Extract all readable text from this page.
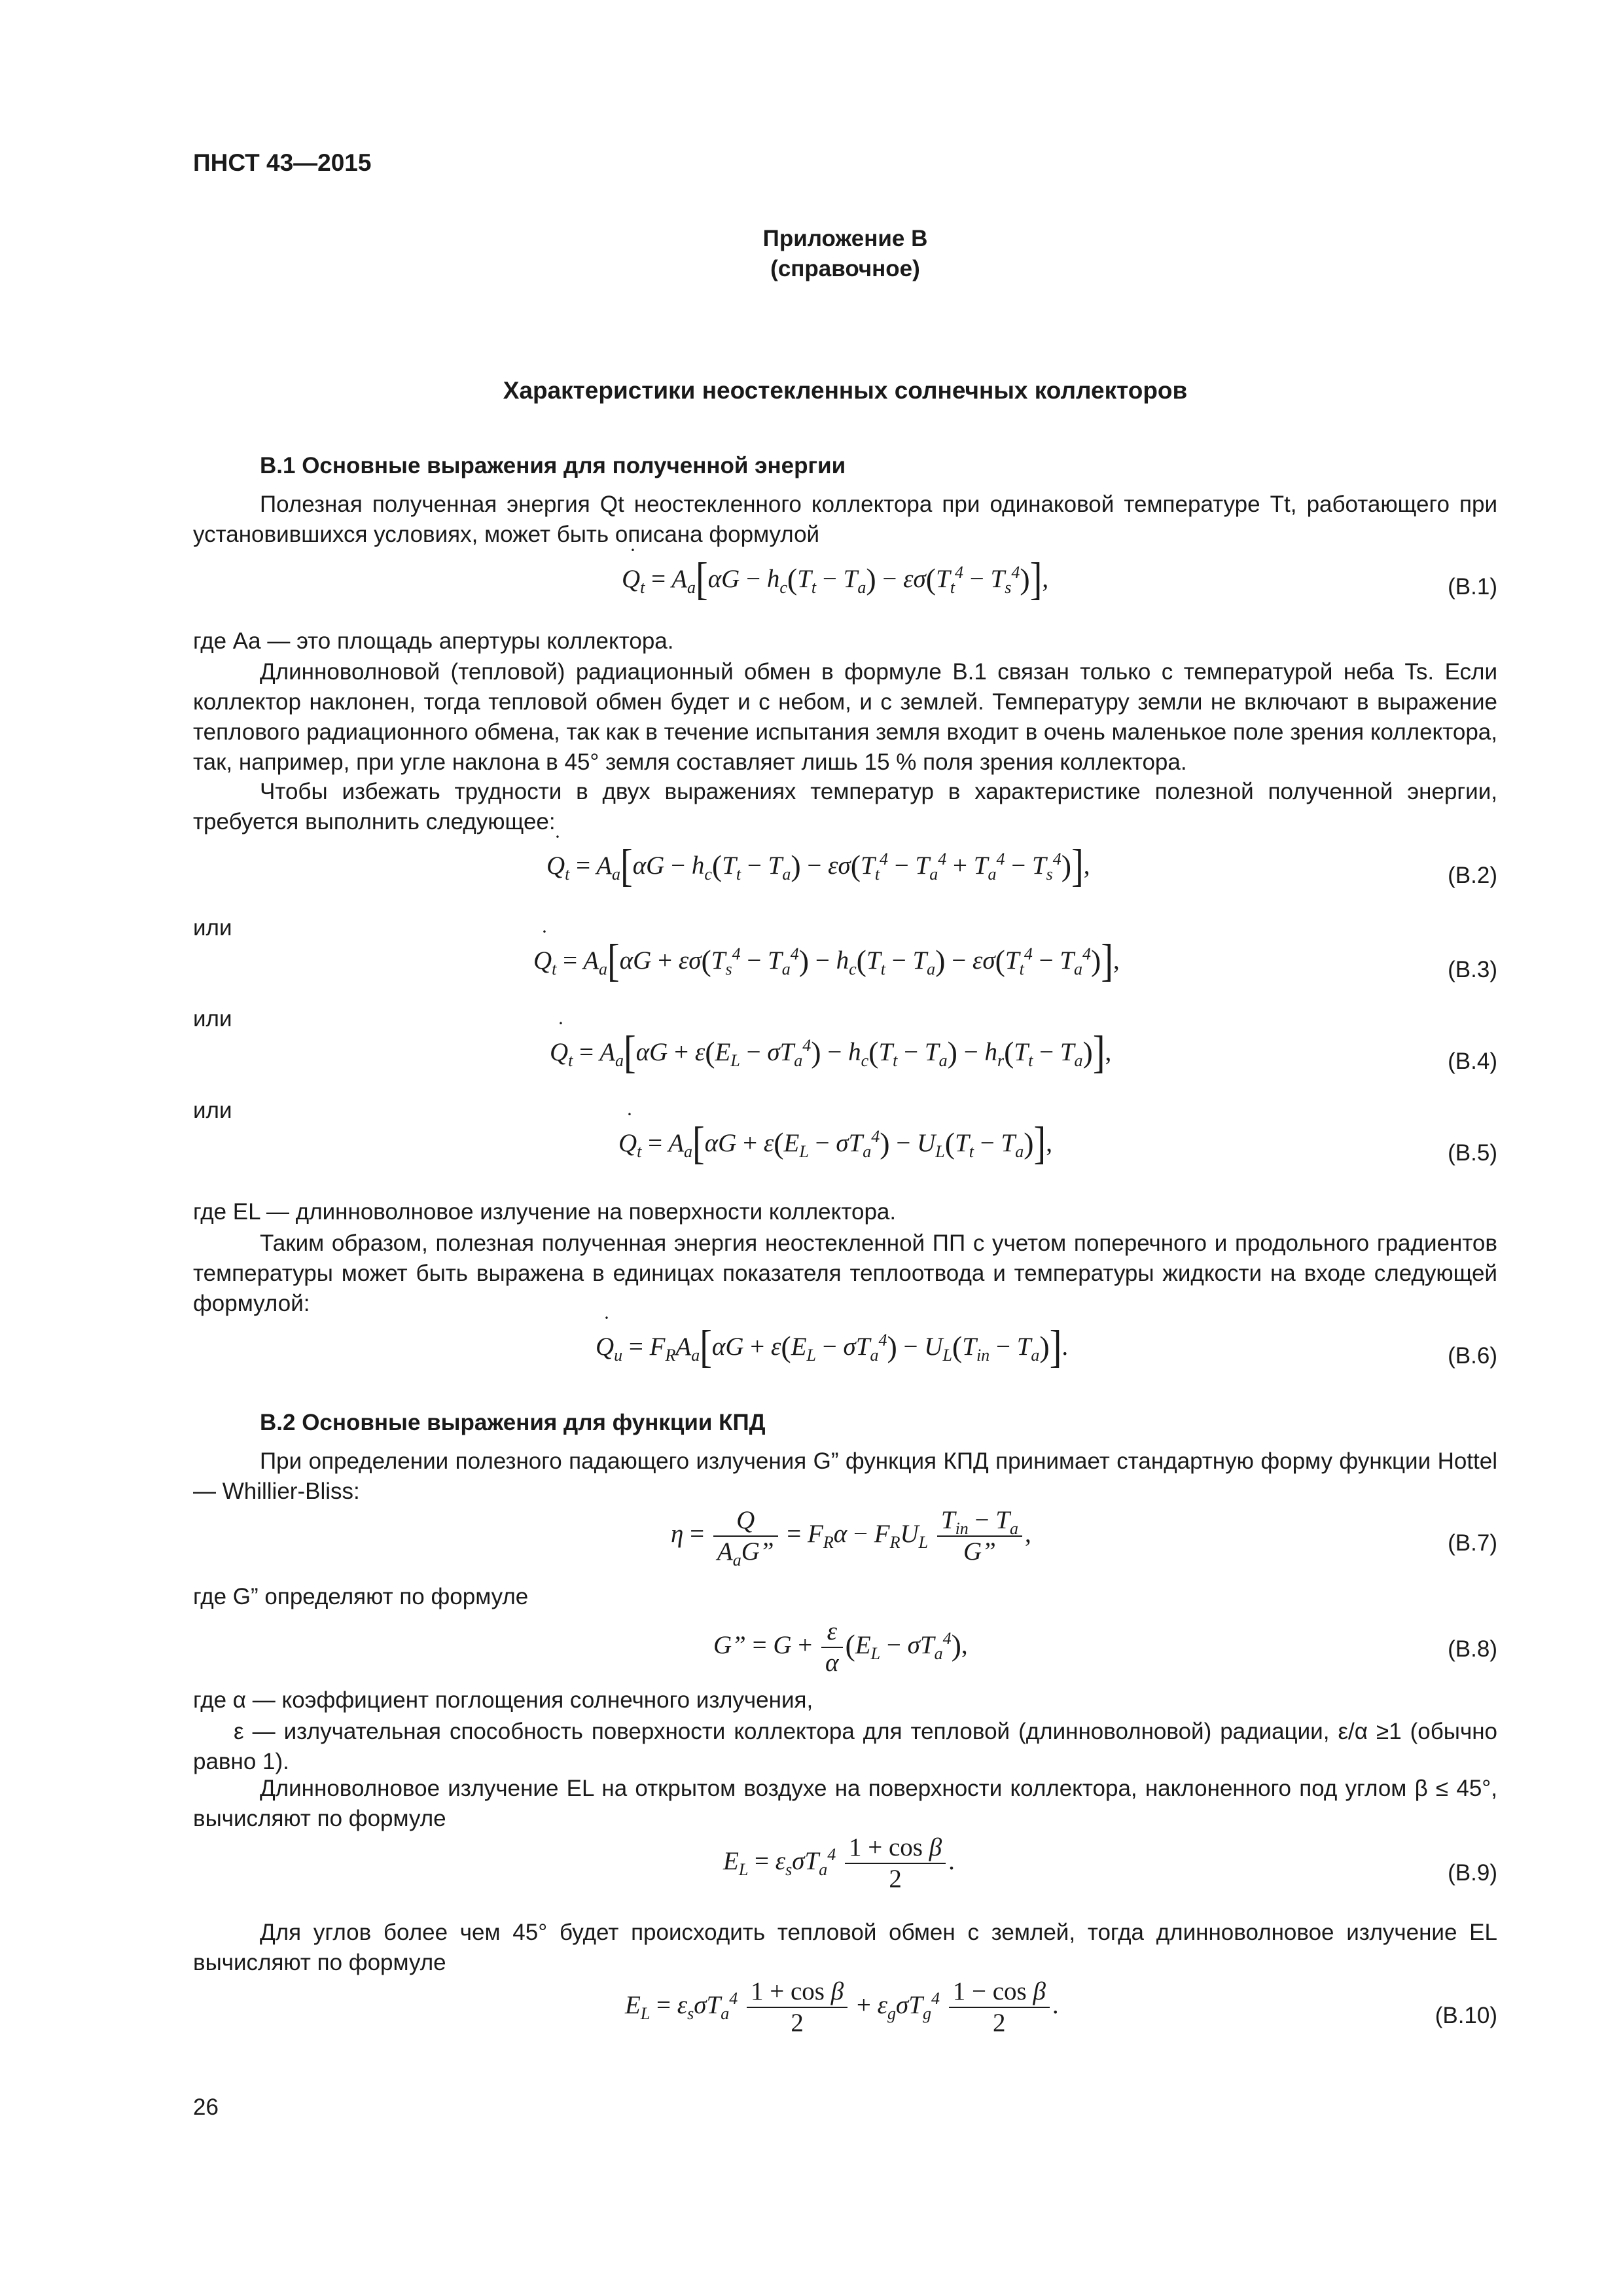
ПНСТ 43—2015
Приложение В
(справочное)
Характеристики неостекленных солнечных коллекторов
В.1 Основные выражения для полученной энергии
Полезная полученная энергия Qt неостекленного коллектора при одинаковой температуре Tt, работающего при установившихся условиях, может быть описана формулой
Q $˙_t = A_a[\alpha G - h_c(T_t - T_a) - \varepsilon\sigma(T_t^4 - T_s^4)]$,	(В.1)
где Aa — это площадь апертуры коллектора.
Длинноволновой (тепловой) радиационный обмен в формуле В.1 связан только с температурой неба Ts. Если коллектор наклонен, тогда тепловой обмен будет и с небом, и с землей. Температуру земли не включают в выражение теплового радиационного обмена, так как в течение испытания земля входит в очень маленькое поле зрения коллектора, так, например, при угле наклона в 45° земля составляет лишь 15 % поля зрения коллектора.
Чтобы избежать трудности в двух выражениях температур в характеристике полезной полученной энергии, требуется выполнить следующее:
Q $˙_t = A_a[\alpha G - h_c(T_t - T_a) - \varepsilon\sigma(T_t^4 - T_a^4 + T_a^4 - T_s^4)]$,	(В.2)
или
Q $˙_t = A_a[\alpha G + \varepsilon\sigma(T_s^4 - T_a^4) - h_c(T_t - T_a) - \varepsilon\sigma(T_t^4 - T_a^4)]$,	(В.3)
или
Q $˙_t = A_a[\alpha G + \varepsilon(E_L - \sigma T_a^4) - h_c(T_t - T_a) - h_r(T_t - T_a)]$,	(В.4)
или
Q $˙_t = A_a[\alpha G + \varepsilon(E_L - \sigma T_a^4) - U_L(T_t - T_a)]$,	(В.5)
где EL — длинноволновое излучение на поверхности коллектора.
Таким образом, полезная полученная энергия неостекленной ПП с учетом поперечного и продольного градиентов температуры может быть выражена в единицах показателя теплоотвода и температуры жидкости на входе следующей формулой:
Q $˙_u = F_RA_a[\alpha G + \varepsilon(E_L - \sigma T_a^4) - U_L(T_{in} - T_a)]$.	(В.6)
В.2 Основные выражения для функции КПД
При определении полезного падающего излучения G” функция КПД принимает стандартную форму функции Hottel — Whillier-Bliss:
$\eta = \frac{Q}{A_aG”} = F_R\alpha - F_RU_L \frac{T_{in} - T_a}{G”}$ ,	(В.7)
где G” определяют по формуле
G” = $G + \frac{\varepsilon}{\alpha} (E_L - \sigma T_a^4)$,	(В.8)
где α — коэффициент поглощения солнечного излучения,
ε — излучательная способность поверхности коллектора для тепловой (длинноволновой) радиации, ε/α ≥1 (обычно равно 1).
Длинноволновое излучение EL на открытом воздухе на поверхности коллектора, наклоненного под углом β ≤ 45°, вычисляют по формуле
$E_L = \varepsilon_s\sigma T_a^4 \frac{\text{1 + cos β}}{2}$ .	(В.9)
Для углов более чем 45° будет происходить тепловой обмен с землей, тогда длинноволновое излучение EL вычисляют по формуле
$E_L = \varepsilon_s\sigma T_a^4 \frac{\text{1 + cos β}}{2} + \varepsilon_g\sigma T_g^4 \frac{\text{1 − cos β}}{2}$ .	(В.10)
26
